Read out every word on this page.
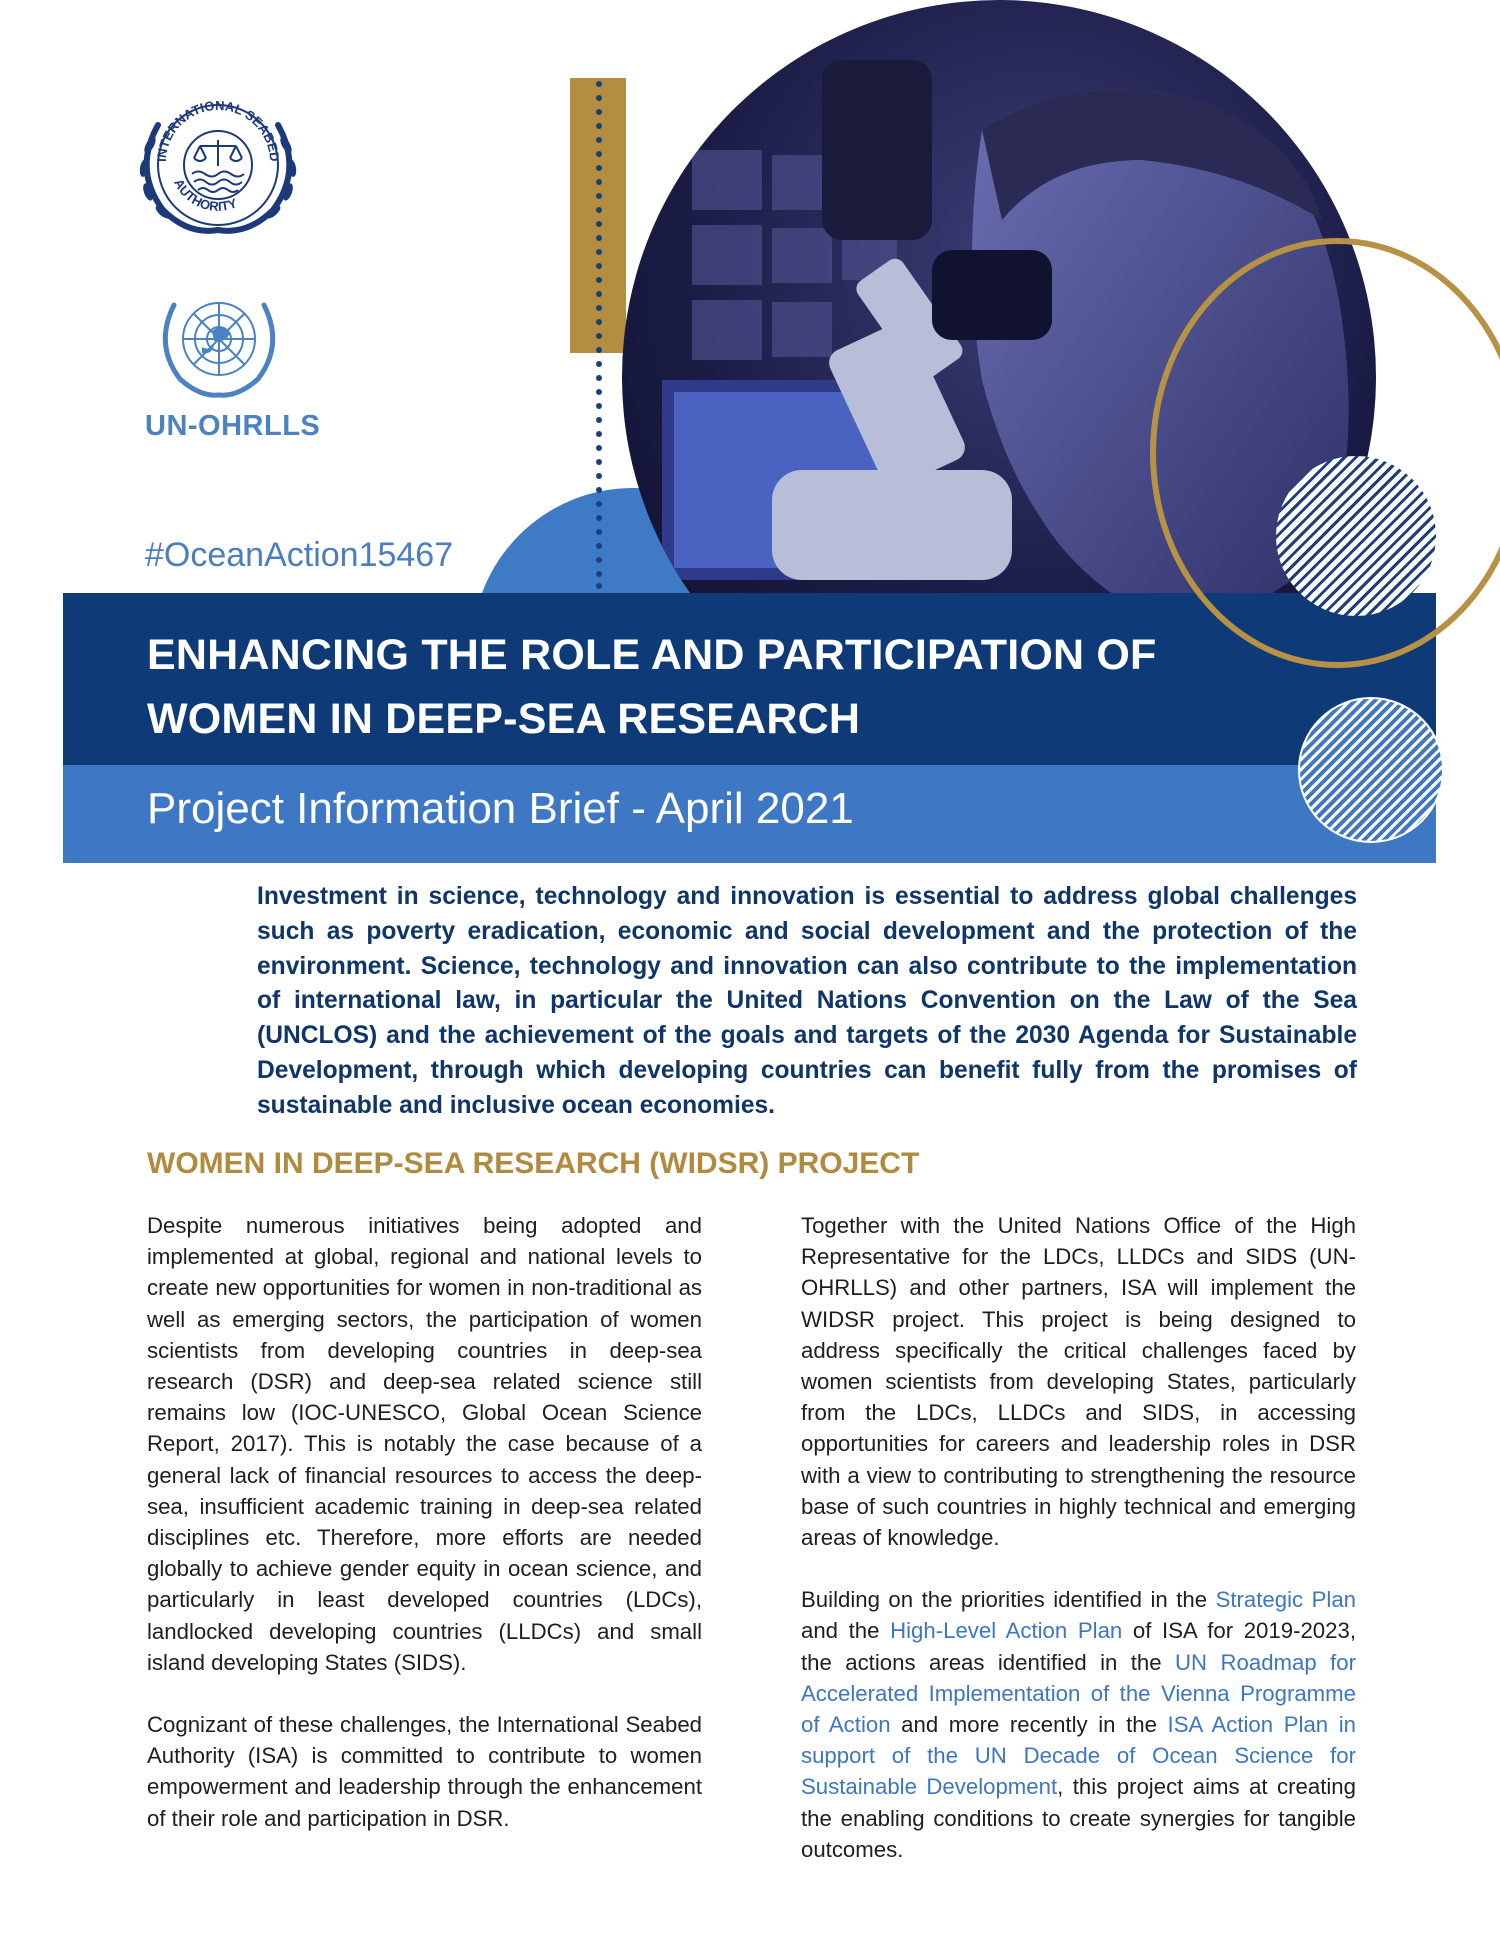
INTERNATIONAL SEABED
AUTHORITY
UN-OHRLLS
#OceanAction15467
ENHANCING THE ROLE AND PARTICIPATION OF
WOMEN IN DEEP-SEA RESEARCH
Project Information Brief - April 2021

Investment in science, technology and innovation is essential to address global challenges such as poverty eradication, economic and social development and the protection of the environment. Science, technology and innovation can also contribute to the implementation of international law, in particular the United Nations Convention on the Law of the Sea (UNCLOS) and the achievement of the goals and targets of the 2030 Agenda for Sustainable Development, through which developing countries can benefit fully from the promises of sustainable and inclusive ocean economies.

WOMEN IN DEEP-SEA RESEARCH (WIDSR) PROJECT

Despite numerous initiatives being adopted and implemented at global, regional and national levels to create new opportunities for women in non-traditional as well as emerging sectors, the participation of women scientists from developing countries in deep-sea research (DSR) and deep-sea related science still remains low (IOC-UNESCO, Global Ocean Science Report, 2017). This is notably the case because of a general lack of financial resources to access the deep-sea, insufficient academic training in deep-sea related disciplines etc. Therefore, more efforts are needed globally to achieve gender equity in ocean science, and particularly in least developed countries (LDCs), landlocked developing countries (LLDCs) and small island developing States (SIDS).

Cognizant of these challenges, the International Seabed Authority (ISA) is committed to contribute to women empowerment and leadership through the enhancement of their role and participation in DSR.

Together with the United Nations Office of the High Representative for the LDCs, LLDCs and SIDS (UN-OHRLLS) and other partners, ISA will implement the WIDSR project. This project is being designed to address specifically the critical challenges faced by women scientists from developing States, particularly from the LDCs, LLDCs and SIDS, in accessing opportunities for careers and leadership roles in DSR with a view to contributing to strengthening the resource base of such countries in highly technical and emerging areas of knowledge.

Building on the priorities identified in the Strategic Plan and the High-Level Action Plan of ISA for 2019-2023, the actions areas identified in the UN Roadmap for Accelerated Implementation of the Vienna Programme of Action and more recently in the ISA Action Plan in support of the UN Decade of Ocean Science for Sustainable Development, this project aims at creating the enabling conditions to create synergies for tangible outcomes.
